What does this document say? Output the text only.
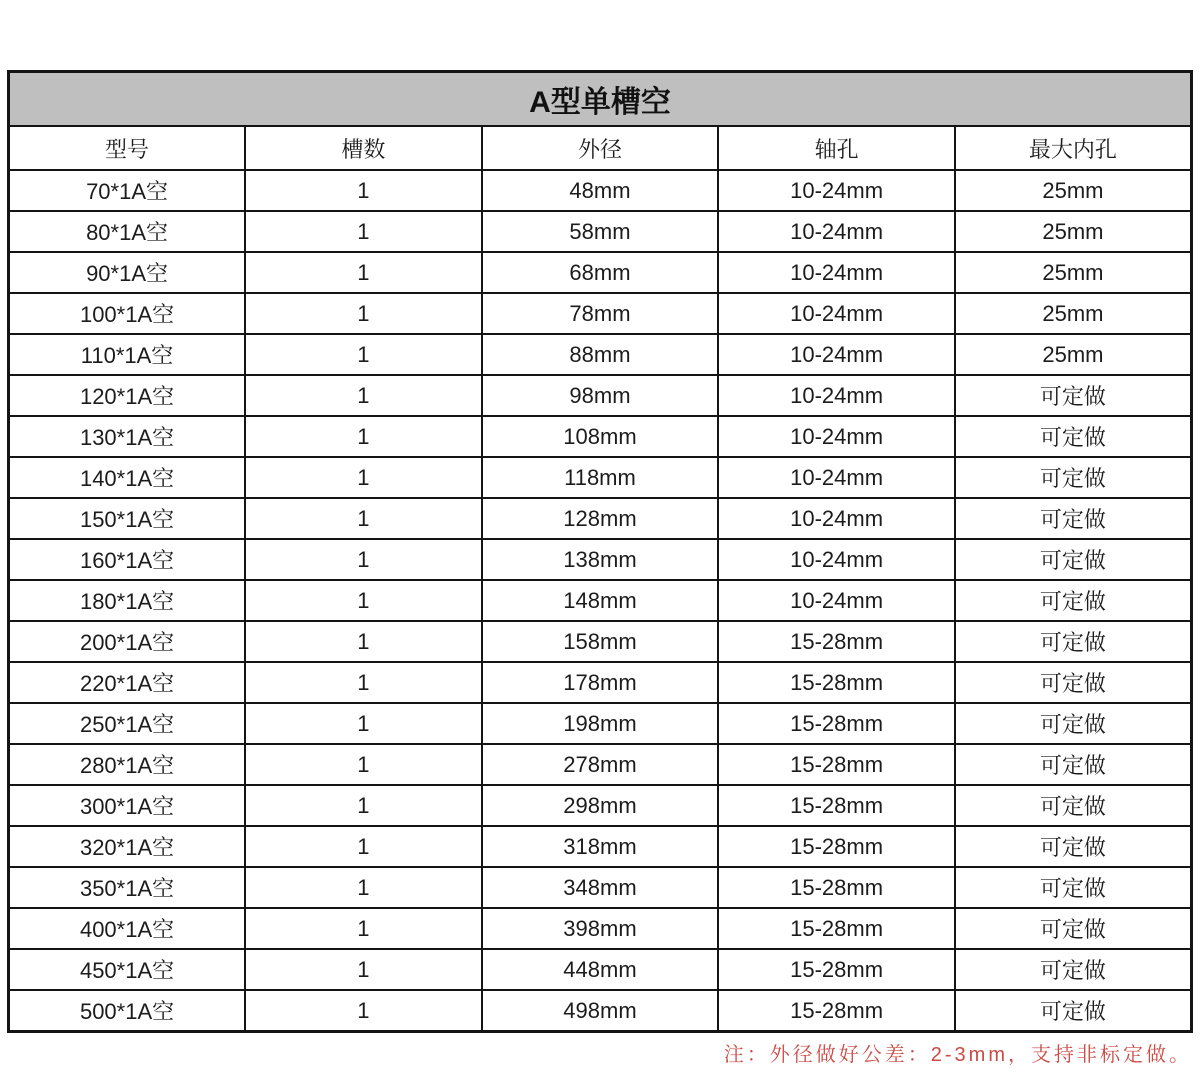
A型单槽空				
型号	槽数	外径	轴孔	最大内孔
70*1A空	1	48mm	10-24mm	25mm
80*1A空	1	58mm	10-24mm	25mm
90*1A空	1	68mm	10-24mm	25mm
100*1A空	1	78mm	10-24mm	25mm
110*1A空	1	88mm	10-24mm	25mm
120*1A空	1	98mm	10-24mm	可定做
130*1A空	1	108mm	10-24mm	可定做
140*1A空	1	118mm	10-24mm	可定做
150*1A空	1	128mm	10-24mm	可定做
160*1A空	1	138mm	10-24mm	可定做
180*1A空	1	148mm	10-24mm	可定做
200*1A空	1	158mm	15-28mm	可定做
220*1A空	1	178mm	15-28mm	可定做
250*1A空	1	198mm	15-28mm	可定做
280*1A空	1	278mm	15-28mm	可定做
300*1A空	1	298mm	15-28mm	可定做
320*1A空	1	318mm	15-28mm	可定做
350*1A空	1	348mm	15-28mm	可定做
400*1A空	1	398mm	15-28mm	可定做
450*1A空	1	448mm	15-28mm	可定做
500*1A空	1	498mm	15-28mm	可定做
注：外径做好公差：2-3mm，支持非标定做。
